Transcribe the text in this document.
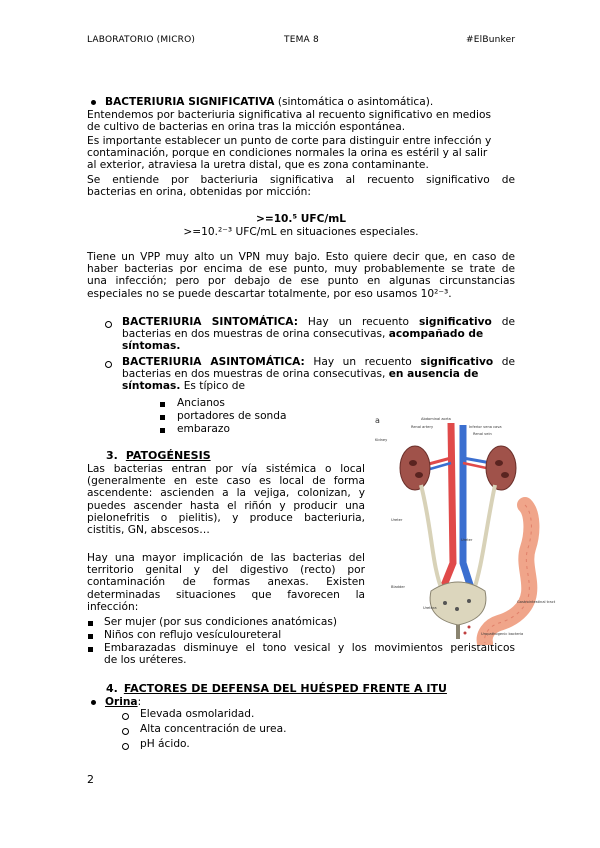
LABORATORIO (MICRO)	TEMA 8	#ElBunker
BACTERIURIA SIGNIFICATIVA (sintomática o asintomática).
Entendemos por bacteriuria significativa al recuento significativo en medios
de cultivo de bacterias en orina tras la micción espontánea.
Es importante establecer un punto de corte para distinguir entre infección y
contaminación, porque en condiciones normales la orina es estéril y al salir
al exterior, atraviesa la uretra distal, que es zona contaminante.
Se entiende por bacteriuria significativa al recuento significativo de
bacterias en orina, obtenidas por micción:
>=10.⁵ UFC/mL
>=10.²⁻³ UFC/mL en situaciones especiales.
Tiene un VPP muy alto un VPN muy bajo. Esto quiere decir que, en caso de
haber bacterias por encima de ese punto, muy probablemente se trate de
una infección; pero por debajo de ese punto en algunas circunstancias
especiales no se puede descartar totalmente, por eso usamos 10²⁻³.
BACTERIURIA SINTOMÁTICA: Hay un recuento significativo de
bacterias en dos muestras de orina consecutivas, acompañado de
síntomas.
BACTERIURIA ASINTOMÁTICA: Hay un recuento significativo de
bacterias en dos muestras de orina consecutivas, en ausencia de
síntomas. Es típico de
Ancianos
portadores de sonda
embarazo
3. PATOGÉNESIS
Las bacterias entran por vía sistémica o local
(generalmente en este caso es local de forma
ascendente: ascienden a la vejiga, colonizan, y
puedes ascender hasta el riñón y producir una
pielonefritis o pielitis), y produce bacteriuria,
cistitis, GN, abscesos…
Hay una mayor implicación de las bacterias del
territorio genital y del digestivo (recto) por
contaminación de formas anexas. Existen
determinadas situaciones que favorecen la
infección:
Ser mujer (por sus condiciones anatómicas)
Niños con reflujo vesículoureteral
Embarazadas disminuye el tono vesical y los movimientos peristálticos
de los uréteres.
a	Abdominal aorta
Renal artery	Inferior vena cava
Renal vein
Kidney
Ureter
Ureter
Bladder
Urethra
Gastrointestinal tract
Uropathogenic bacteria
4. FACTORES DE DEFENSA DEL HUÉSPED FRENTE A ITU
Orina:
Elevada osmolaridad.
Alta concentración de urea.
pH ácido.
2
